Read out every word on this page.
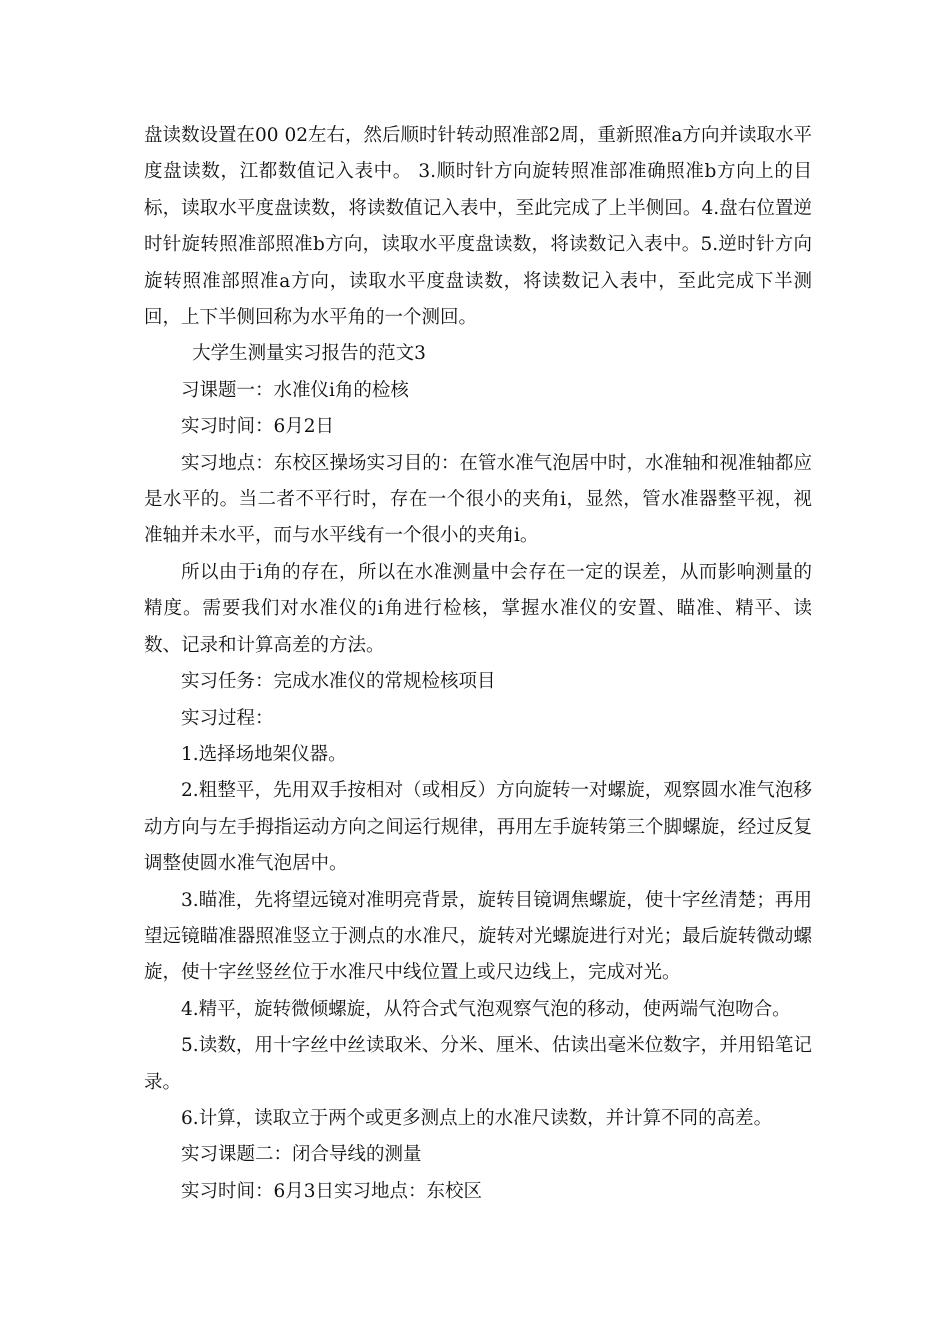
盘读数设置在00 02左右，然后顺时针转动照准部2周，重新照准a方向并读取水平度盘读数，江都数值记入表中。 3.顺时针方向旋转照准部准确照准b方向上的目标，读取水平度盘读数，将读数值记入表中，至此完成了上半侧回。4.盘右位置逆时针旋转照准部照准b方向，读取水平度盘读数，将读数记入表中。5.逆时针方向旋转照准部照准a方向，读取水平度盘读数，将读数记入表中，至此完成下半测回，上下半侧回称为水平角的一个测回。

大学生测量实习报告的范文3

习课题一：水准仪i角的检核

实习时间：6月2日

实习地点：东校区操场实习目的：在管水准气泡居中时，水准轴和视准轴都应是水平的。当二者不平行时，存在一个很小的夹角i，显然，管水准器整平视，视准轴并未水平，而与水平线有一个很小的夹角i。

所以由于i角的存在，所以在水准测量中会存在一定的误差，从而影响测量的精度。需要我们对水准仪的i角进行检核，掌握水准仪的安置、瞄准、精平、读数、记录和计算高差的方法。

实习任务：完成水准仪的常规检核项目

实习过程：

1.选择场地架仪器。

2.粗整平，先用双手按相对（或相反）方向旋转一对螺旋，观察圆水准气泡移动方向与左手拇指运动方向之间运行规律，再用左手旋转第三个脚螺旋，经过反复调整使圆水准气泡居中。

3.瞄准，先将望远镜对准明亮背景，旋转目镜调焦螺旋，使十字丝清楚；再用望远镜瞄准器照准竖立于测点的水准尺，旋转对光螺旋进行对光；最后旋转微动螺旋，使十字丝竖丝位于水准尺中线位置上或尺边线上，完成对光。

4.精平，旋转微倾螺旋，从符合式气泡观察气泡的移动，使两端气泡吻合。

5.读数，用十字丝中丝读取米、分米、厘米、估读出毫米位数字，并用铅笔记录。

6.计算，读取立于两个或更多测点上的水准尺读数，并计算不同的高差。

实习课题二：闭合导线的测量

实习时间：6月3日实习地点：东校区
